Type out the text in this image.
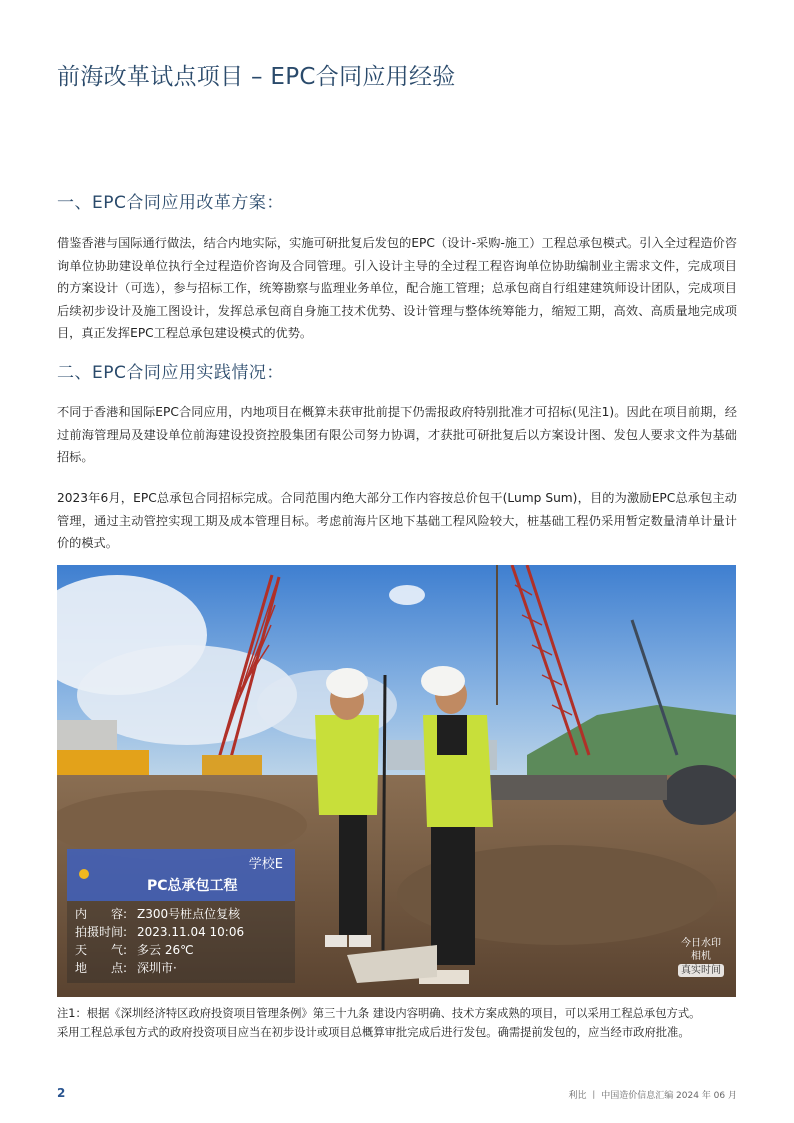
前海改革试点项目 – EPC合同应用经验
一、EPC合同应用改革方案：
借鉴香港与国际通行做法，结合内地实际，实施可研批复后发包的EPC（设计-采购-施工）工程总承包模式。引入全过程造价咨询单位协助建设单位执行全过程造价咨询及合同管理。引入设计主导的全过程工程咨询单位协助编制业主需求文件，完成项目的方案设计（可选），参与招标工作，统筹勘察与监理业务单位，配合施工管理；总承包商自行组建建筑师设计团队，完成项目后续初步设计及施工图设计，发挥总承包商自身施工技术优势、设计管理与整体统筹能力，缩短工期，高效、高质量地完成项目，真正发挥EPC工程总承包建设模式的优势。
二、EPC合同应用实践情况：
不同于香港和国际EPC合同应用，内地项目在概算未获审批前提下仍需报政府特别批准才可招标(见注1)。因此在项目前期，经过前海管理局及建设单位前海建设投资控股集团有限公司努力协调，才获批可研批复后以方案设计图、发包人要求文件为基础招标。
2023年6月，EPC总承包合同招标完成。合同范围内绝大部分工作内容按总价包干(Lump Sum)，目的为激励EPC总承包主动管理，通过主动管控实现工期及成本管理目标。考虑前海片区地下基础工程风险较大，桩基础工程仍采用暂定数量清单计量计价的模式。
学校E
PC总承包工程
内　　容: Z300号桩点位复核
拍摄时间: 2023.11.04 10:06
天　　气: 多云 26℃
地　　点: 深圳市·
今日水印
相机
真实时间
注1：根据《深圳经济特区政府投资项目管理条例》第三十九条 建设内容明确、技术方案成熟的项目，可以采用工程总承包方式。
采用工程总承包方式的政府投资项目应当在初步设计或项目总概算审批完成后进行发包。确需提前发包的，应当经市政府批准。
2	利比 丨 中国造价信息汇编 2024 年 06 月
